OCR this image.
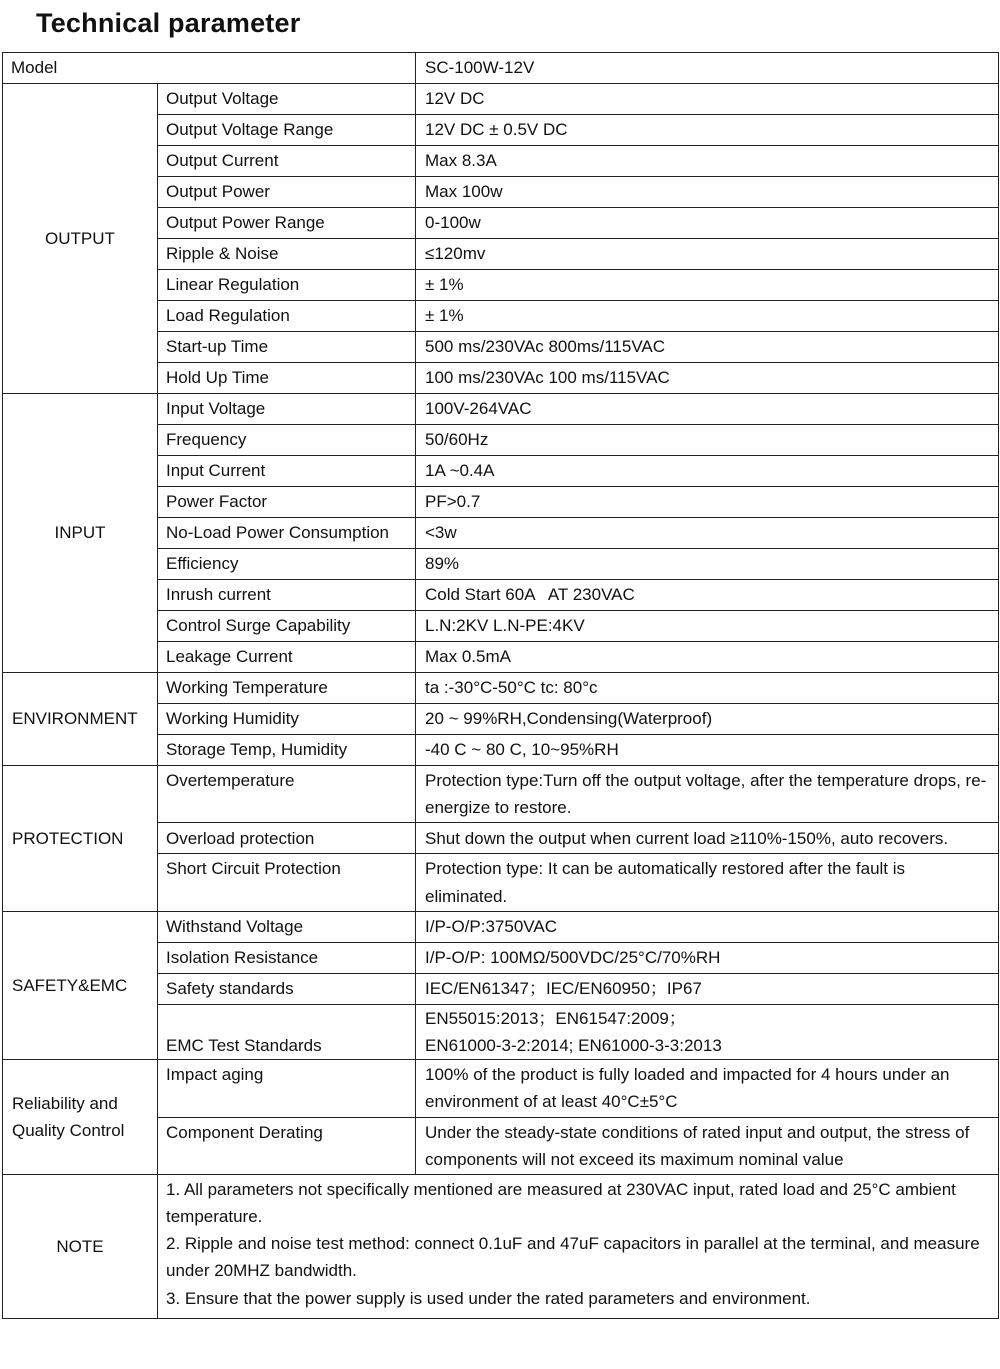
Technical parameter
Model		SC-100W-12V
OUTPUT	Output Voltage	12V DC
	Output Voltage Range	12V DC ± 0.5V DC
	Output Current	Max 8.3A
	Output Power	Max 100w
	Output Power Range	0-100w
	Ripple & Noise	≤120mv
	Linear Regulation	± 1%
	Load Regulation	± 1%
	Start-up Time	500 ms/230VAc 800ms/115VAC
	Hold Up Time	100 ms/230VAc 100 ms/115VAC
INPUT	Input Voltage	100V-264VAC
	Frequency	50/60Hz
	Input Current	1A ~0.4A
	Power Factor	PF>0.7
	No-Load Power Consumption	<3w
	Efficiency	89%
	Inrush current	Cold Start 60A   AT 230VAC
	Control Surge Capability	L.N:2KV L.N-PE:4KV
	Leakage Current	Max 0.5mA
ENVIRONMENT	Working Temperature	ta :-30°C-50°C tc: 80°c
	Working Humidity	20 ~ 99%RH,Condensing(Waterproof)
	Storage Temp, Humidity	-40 C ~ 80 C, 10~95%RH
PROTECTION	Overtemperature	Protection type:Turn off the output voltage, after the temperature drops, re-energize to restore.
	Overload protection	Shut down the output when current load ≥110%-150%, auto recovers.
	Short Circuit Protection	Protection type: It can be automatically restored after the fault is eliminated.
SAFETY&EMC	Withstand Voltage	I/P-O/P:3750VAC
	Isolation Resistance	I/P-O/P: 100MΩ/500VDC/25°C/70%RH
	Safety standards	IEC/EN61347；IEC/EN60950；IP67
	EMC Test Standards	EN55015:2013；EN61547:2009；
EN61000-3-2:2014; EN61000-3-3:2013

Reliability and
Quality Control	Impact aging	100% of the product is fully loaded and impacted for 4 hours under an environment of at least 40°C±5°C
	Component Derating	Under the steady-state conditions of rated input and output, the stress of components will not exceed its maximum nominal value
NOTE	1. All parameters not specifically mentioned are measured at 230VAC input, rated load and 25°C ambient temperature.
2. Ripple and noise test method: connect 0.1uF and 47uF capacitors in parallel at the terminal, and measure under 20MHZ bandwidth.
3. Ensure that the power supply is used under the rated parameters and environment.	
